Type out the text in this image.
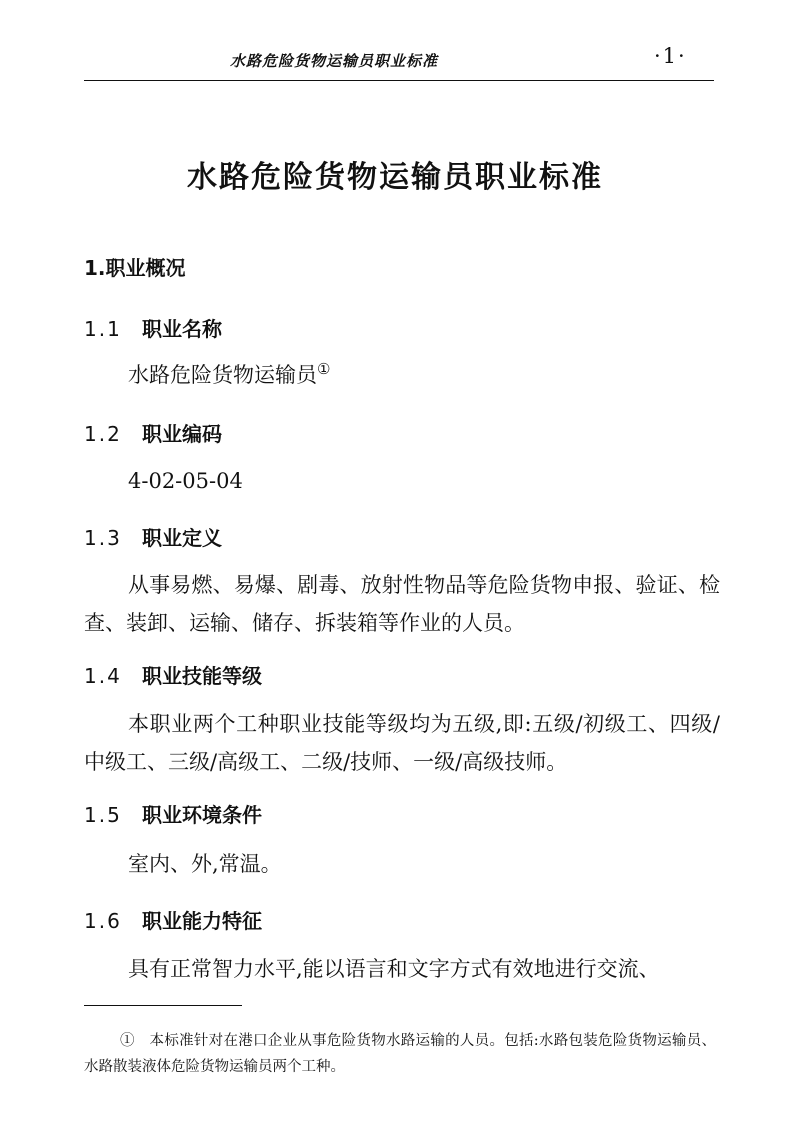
水路危险货物运输员职业标准	·1·
水路危险货物运输员职业标准
1.职业概况
1.1 职业名称
水路危险货物运输员①
1.2 职业编码
4-02-05-04
1.3 职业定义
从事易燃、易爆、剧毒、放射性物品等危险货物申报、验证、检查、装卸、运输、储存、拆装箱等作业的人员。
1.4 职业技能等级
本职业两个工种职业技能等级均为五级,即:五级/初级工、四级/中级工、三级/高级工、二级/技师、一级/高级技师。
1.5 职业环境条件
室内、外,常温。
1.6 职业能力特征
具有正常智力水平,能以语言和文字方式有效地进行交流、
①　本标准针对在港口企业从事危险货物水路运输的人员。包括:水路包装危险货物运输员、水路散装液体危险货物运输员两个工种。
